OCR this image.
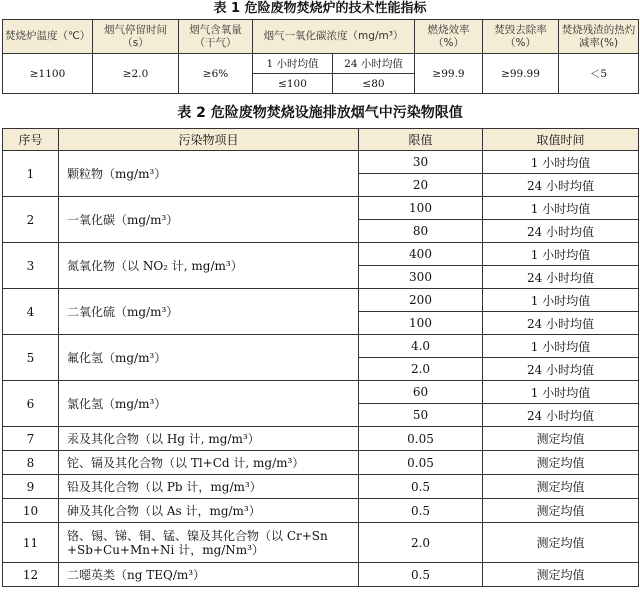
表 1 危险废物焚烧炉的技术性能指标
焚烧炉温度（℃）	烟气停留时间（s）	烟气含氧量（干气）	烟气一氧化碳浓度（mg/m³）		燃烧效率（%）	焚毁去除率（%）	焚烧残渣的热灼减率(%)

≥1100	≥2.0	≥6%	1 小时均值	24 小时均值	≥99.9	≥99.99	＜5
			≤100	≤80			
表 2 危险废物焚烧设施排放烟气中污染物限值
序号	污染物项目	限值	取值时间
1	颗粒物（mg/m³）	30	1 小时均值
		20	24 小时均值
2	一氧化碳（mg/m³）	100	1 小时均值
		80	24 小时均值
3	氮氧化物（以 NO₂ 计, mg/m³）	400	1 小时均值
		300	24 小时均值
4	二氧化硫（mg/m³）	200	1 小时均值
		100	24 小时均值
5	氟化氢（mg/m³）	4.0	1 小时均值
		2.0	24 小时均值
6	氯化氢（mg/m³）	60	1 小时均值
		50	24 小时均值
7	汞及其化合物（以 Hg 计, mg/m³）	0.05	测定均值
8	铊、镉及其化合物（以 Tl+Cd 计, mg/m³）	0.05	测定均值
9	铅及其化合物（以 Pb 计，mg/m³）	0.5	测定均值
10	砷及其化合物（以 As 计，mg/m³）	0.5	测定均值
11	铬、锡、锑、铜、锰、镍及其化合物（以 Cr+Sn +Sb+Cu+Mn+Ni 计，mg/Nm³）	2.0	测定均值
12	二噁英类（ng TEQ/m³）	0.5	测定均值
